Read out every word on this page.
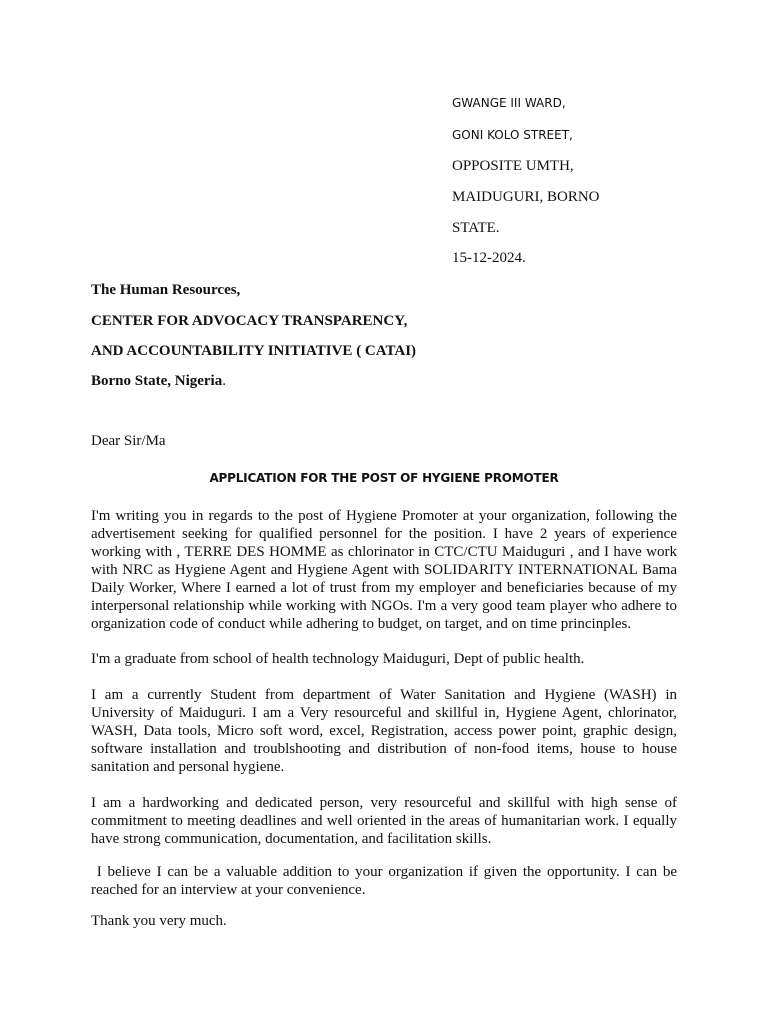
GWANGE III WARD,

GONI KOLO STREET,

OPPOSITE UMTH,

MAIDUGURI, BORNO

STATE.

15-12-2024.

The Human Resources,

CENTER FOR ADVOCACY TRANSPARENCY,

AND ACCOUNTABILITY INITIATIVE ( CATAI)

Borno State, Nigeria.

Dear Sir/Ma

APPLICATION FOR THE POST OF HYGIENE PROMOTER

I'm writing you in regards to the post of Hygiene Promoter at your organization, following the advertisement seeking for qualified personnel for the position. I have 2 years of experience working with , TERRE DES HOMME as chlorinator in CTC/CTU Maiduguri , and I have work with NRC as Hygiene Agent and Hygiene Agent with SOLIDARITY INTERNATIONAL Bama Daily Worker, Where I earned a lot of trust from my employer and beneficiaries because of my interpersonal relationship while working with NGOs. I'm a very good team player who adhere to organization code of conduct while adhering to budget, on target, and on time princinples.

I'm a graduate from school of health technology Maiduguri, Dept of public health.

I am a currently Student from department of Water Sanitation and Hygiene (WASH) in University of Maiduguri. I am a Very resourceful and skillful in, Hygiene Agent, chlorinator, WASH, Data tools, Micro soft word, excel, Registration, access power point, graphic design, software installation and troublshooting and distribution of non-food items, house to house sanitation and personal hygiene.

I am a hardworking and dedicated person, very resourceful and skillful with high sense of commitment to meeting deadlines and well oriented in the areas of humanitarian work. I equally have strong communication, documentation, and facilitation skills.

I believe I can be a valuable addition to your organization if given the opportunity. I can be reached for an interview at your convenience.

Thank you very much.
